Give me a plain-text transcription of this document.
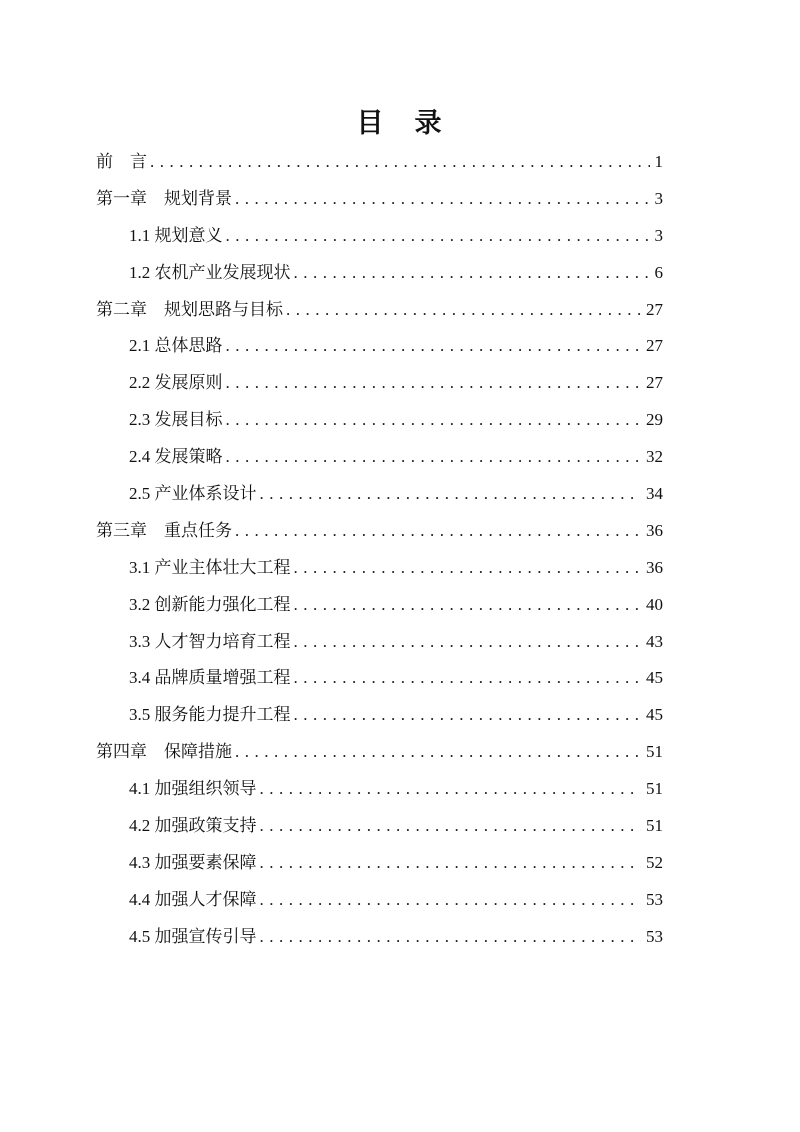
目　录
前　言 .....	1
第一章　规划背景 .....	3
1.1 规划意义 .....	3
1.2 农机产业发展现状 .....	6
第二章　规划思路与目标 .....	27
2.1 总体思路 .....	27
2.2 发展原则 .....	27
2.3 发展目标 .....	29
2.4 发展策略 .....	32
2.5 产业体系设计 .....	34
第三章　重点任务 .....	36
3.1 产业主体壮大工程 .....	36
3.2 创新能力强化工程 .....	40
3.3 人才智力培育工程 .....	43
3.4 品牌质量增强工程 .....	45
3.5 服务能力提升工程 .....	45
第四章　保障措施 .....	51
4.1 加强组织领导 .....	51
4.2 加强政策支持 .....	51
4.3 加强要素保障 .....	52
4.4 加强人才保障 .....	53
4.5 加强宣传引导 .....	53
